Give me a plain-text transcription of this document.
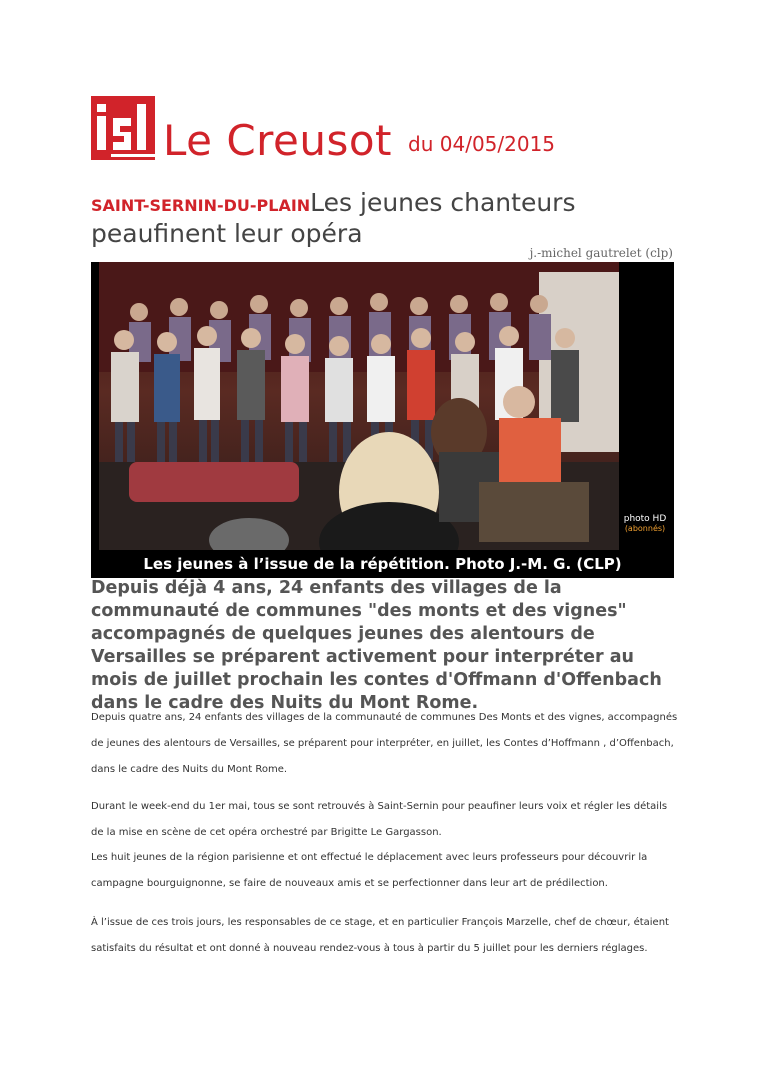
Le Creusot du 04/05/2015
SAINT-SERNIN-DU-PLAINLes jeunes chanteurs peaufinent leur opéra
j.-michel gautrelet (clp)
Les jeunes à l’issue de la répétition. Photo J.-M. G. (CLP)
photo HD
(abonnés)
Depuis déjà 4 ans, 24 enfants des villages de la communauté de communes "des monts et des vignes" accompagnés de quelques jeunes des alentours de Versailles se préparent activement pour interpréter au mois de juillet prochain les contes d'Offmann d'Offenbach dans le cadre des Nuits du Mont Rome.
Depuis quatre ans, 24 enfants des villages de la communauté de communes Des Monts et des vignes, accompagnés de jeunes des alentours de Versailles, se préparent pour interpréter, en juillet, les Contes d’Hoffmann , d’Offenbach, dans le cadre des Nuits du Mont Rome.
Durant le week-end du 1er mai, tous se sont retrouvés à Saint-Sernin pour peaufiner leurs voix et régler les détails de la mise en scène de cet opéra orchestré par Brigitte Le Gargasson.
Les huit jeunes de la région parisienne et ont effectué le déplacement avec leurs professeurs pour découvrir la campagne bourguignonne, se faire de nouveaux amis et se perfectionner dans leur art de prédilection.
À l’issue de ces trois jours, les responsables de ce stage, et en particulier François Marzelle, chef de chœur, étaient satisfaits du résultat et ont donné à nouveau rendez-vous à tous à partir du 5 juillet pour les derniers réglages.
